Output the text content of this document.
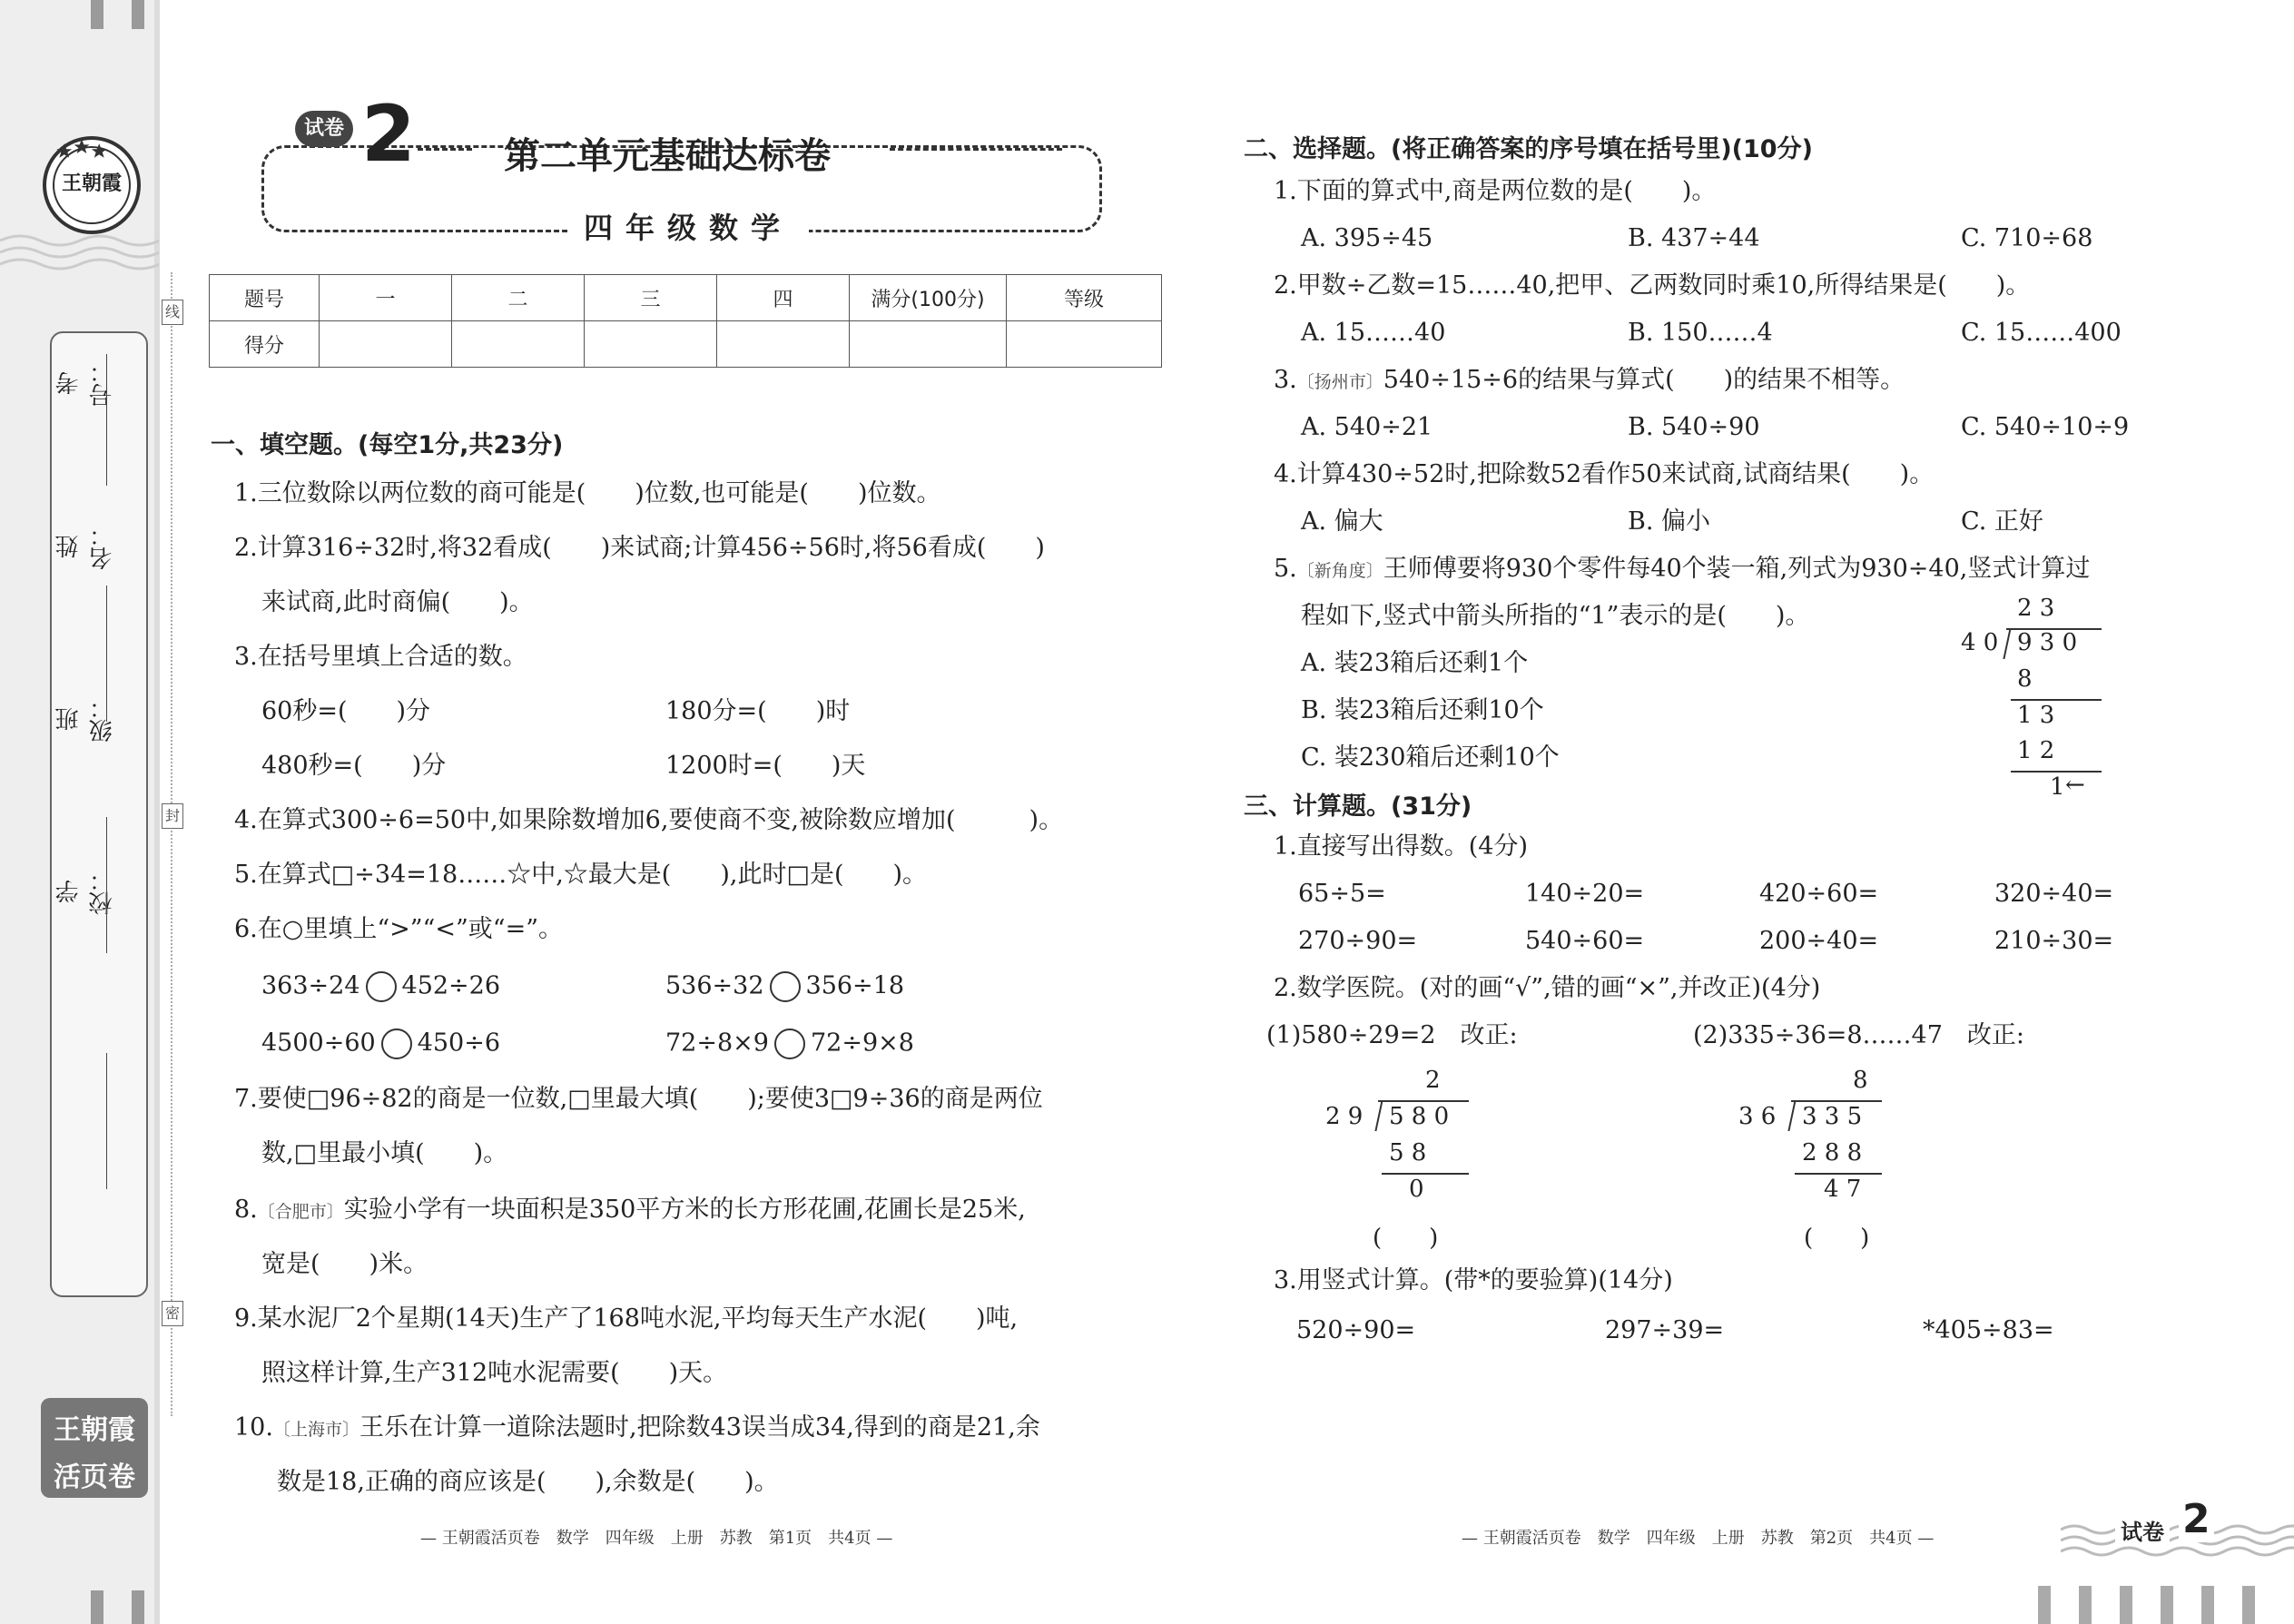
王朝霞
学校：
班级：
姓名：
考号：
线
封
密
王朝霞
活页卷
试卷 2 第二单元基础达标卷
四年级数学
题号	一	二	三	四	满分(100分)	等级
得分						
一、填空题。(每空1分,共23分)
1.三位数除以两位数的商可能是(　　)位数,也可能是(　　)位数。
2.计算316÷32时,将32看成(　　)来试商;计算456÷56时,将56看成(　　)
来试商,此时商偏(　　)。
3.在括号里填上合适的数。
60秒=(　　)分	180分=(　　)时
480秒=(　　)分	1200时=(　　)天
4.在算式300÷6=50中,如果除数增加6,要使商不变,被除数应增加(　　　)。
5.在算式□÷34=18……☆中,☆最大是(　　),此时□是(　　)。
6.在○里填上“>”“<”或“=”。
363÷24 452÷26	536÷32 356÷18
4500÷60 450÷6	72÷8×9 72÷9×8
7.要使□96÷82的商是一位数,□里最大填(　　);要使3□9÷36的商是两位
数,□里最小填(　　)。
8.〔合肥市〕实验小学有一块面积是350平方米的长方形花圃,花圃长是25米,
宽是(　　)米。
9.某水泥厂2个星期(14天)生产了168吨水泥,平均每天生产水泥(　　)吨,
照这样计算,生产312吨水泥需要(　　)天。
10.〔上海市〕王乐在计算一道除法题时,把除数43误当成34,得到的商是21,余
数是18,正确的商应该是(　　),余数是(　　)。
— 王朝霞活页卷　数学　四年级　上册　苏教　第1页　共4页 —
二、选择题。(将正确答案的序号填在括号里)(10分)
1.下面的算式中,商是两位数的是(　　)。
A. 395÷45	B. 437÷44	C. 710÷68
2.甲数÷乙数=15……40,把甲、乙两数同时乘10,所得结果是(　　)。
A. 15……40	B. 150……4	C. 15……400
3.〔扬州市〕540÷15÷6的结果与算式(　　)的结果不相等。
A. 540÷21	B. 540÷90	C. 540÷10÷9
4.计算430÷52时,把除数52看作50来试商,试商结果(　　)。
A. 偏大	B. 偏小	C. 正好
5.〔新角度〕王师傅要将930个零件每40个装一箱,列式为930÷40,竖式计算过
程如下,竖式中箭头所指的“1”表示的是(　　)。
A. 装23箱后还剩1个
B. 装23箱后还剩10个
C. 装230箱后还剩10个
2 3
4 0 9 3 0
8
1 3
1 2
1 ←
三、计算题。(31分)
1.直接写出得数。(4分)
65÷5=	140÷20=	420÷60=	320÷40=
270÷90=	540÷60=	200÷40=	210÷30=
2.数学医院。(对的画“√”,错的画“×”,并改正)(4分)
(1)580÷29=2　改正:	(2)335÷36=8……47　改正:
2
2 9 5 8 0
5 8
0
(　　)
8
3 6 3 3 5
2 8 8
4 7
(　　)
3.用竖式计算。(带*的要验算)(14分)
520÷90=	297÷39=	*405÷83=
— 王朝霞活页卷　数学　四年级　上册　苏教　第2页　共4页 —	试卷 2
